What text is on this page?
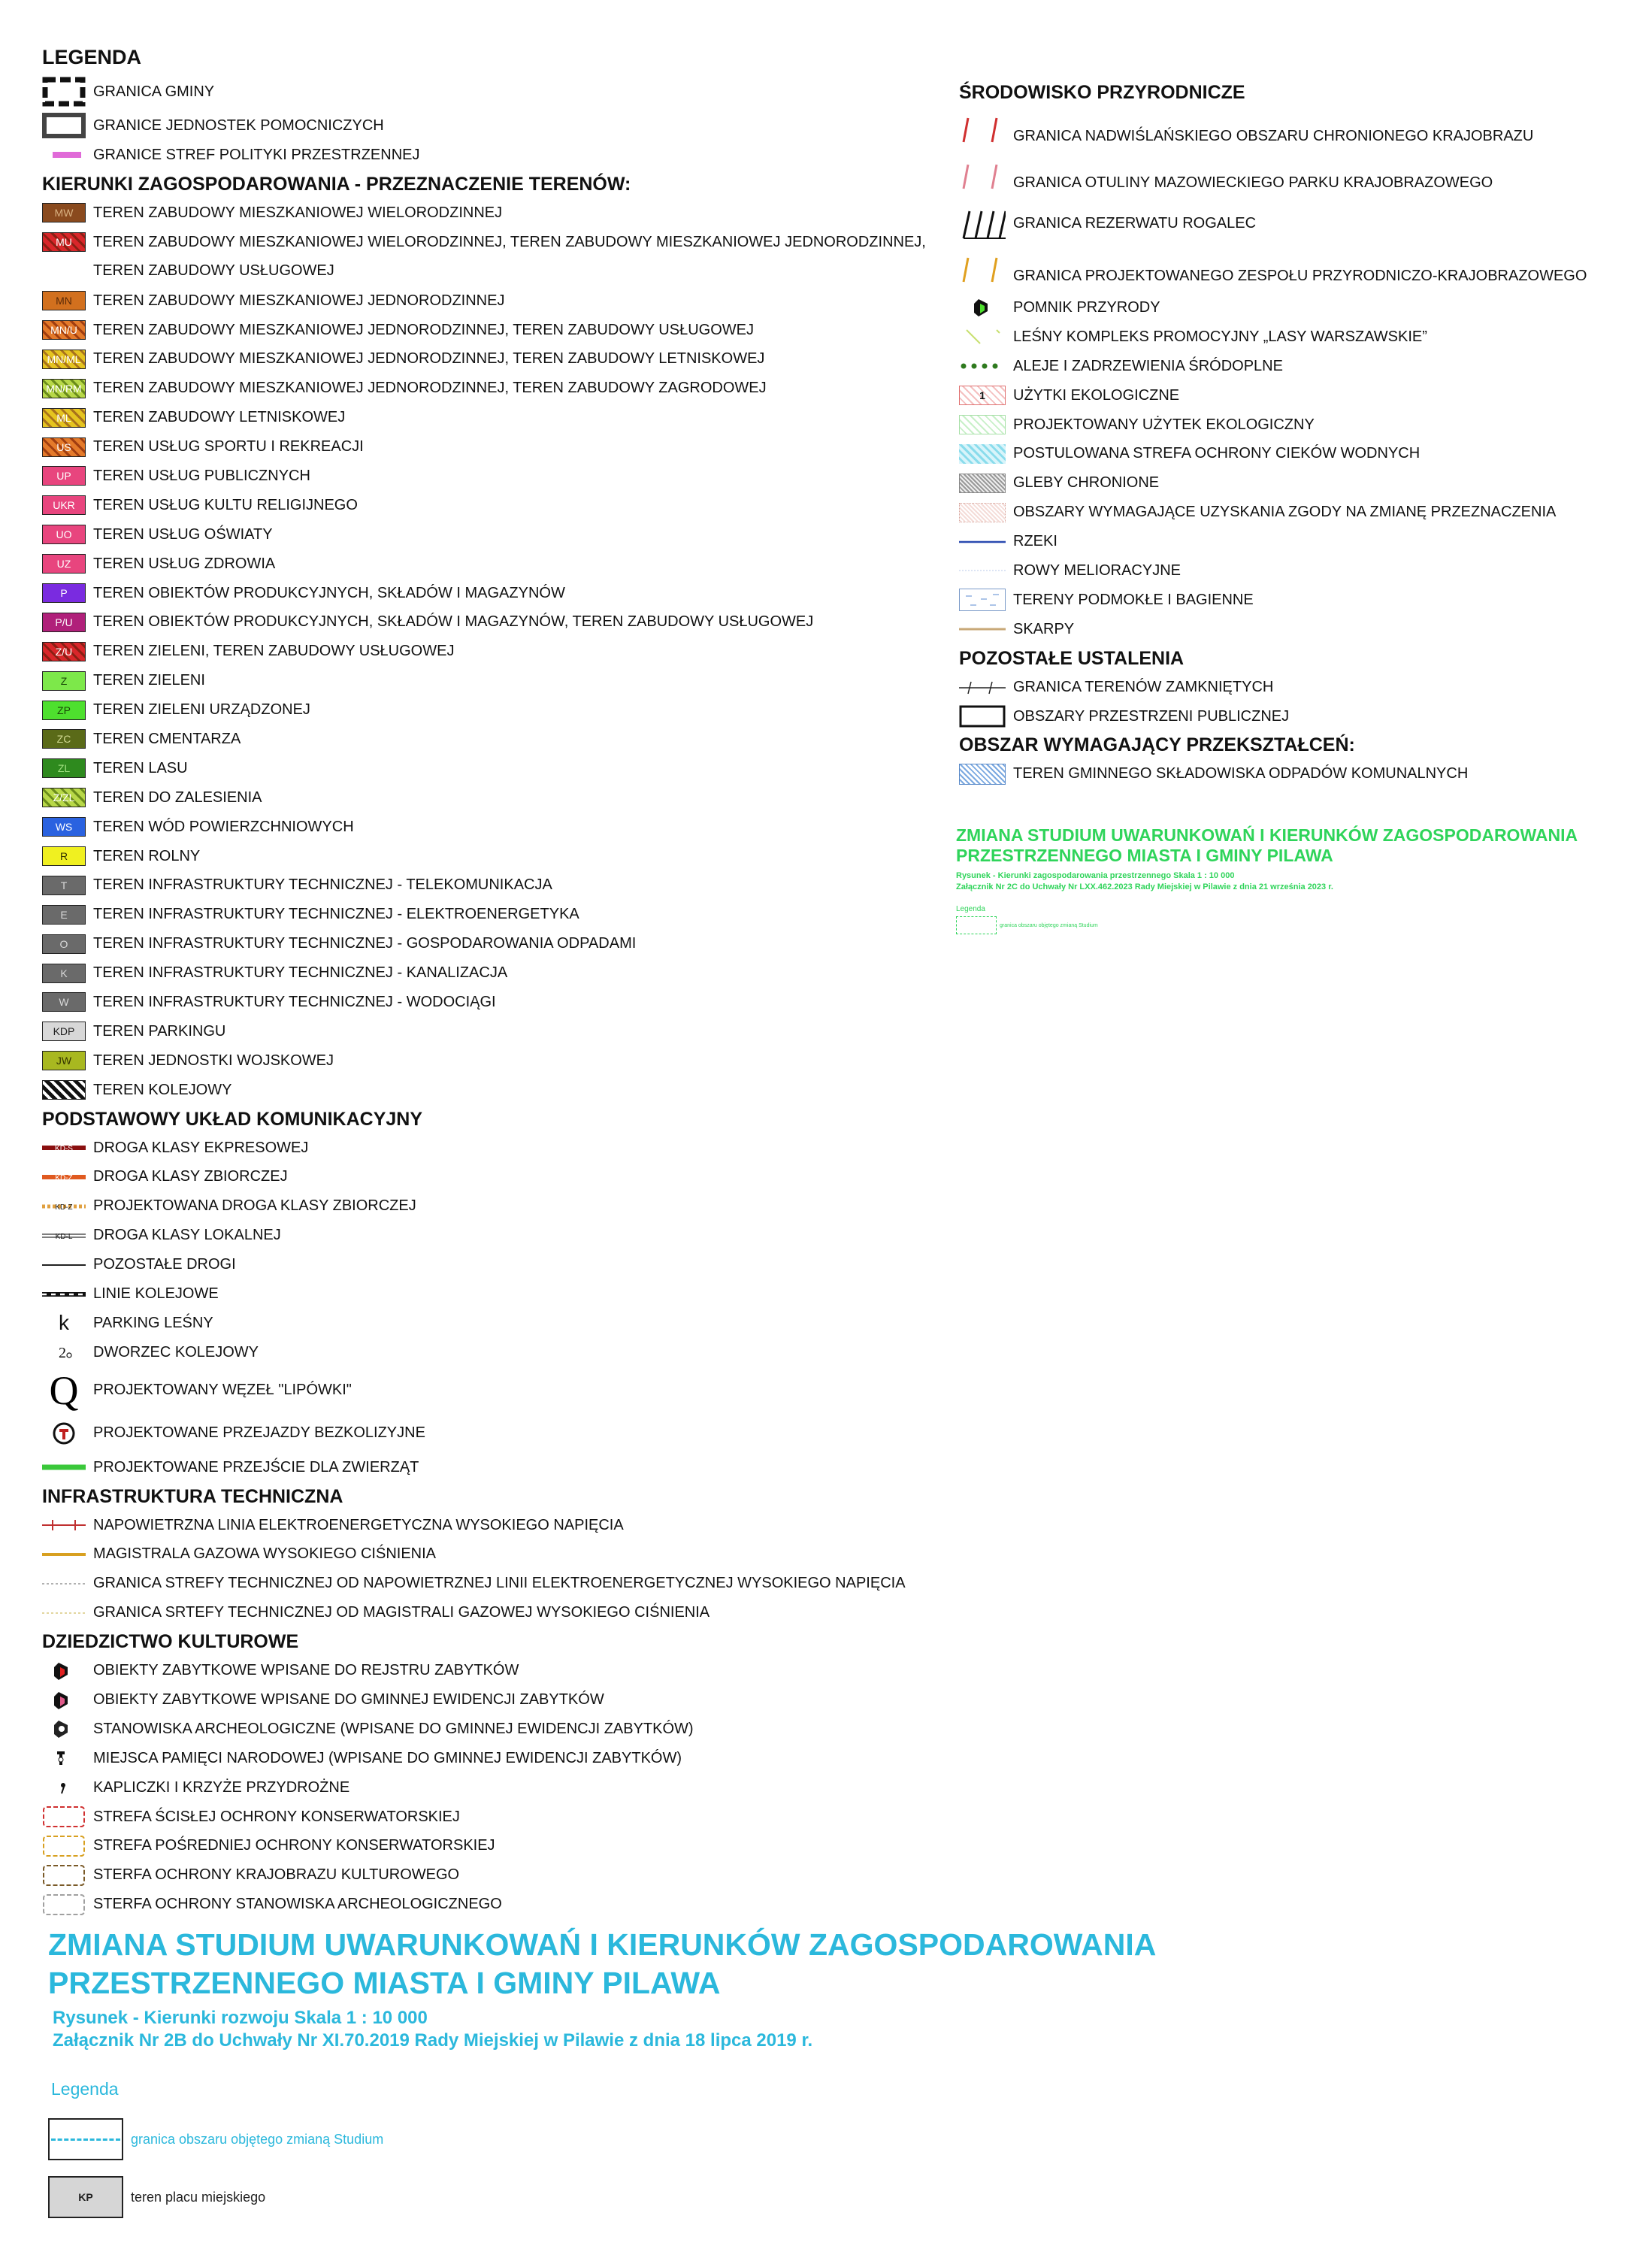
LEGENDA
GRANICA GMINY
GRANICE JEDNOSTEK POMOCNICZYCH
GRANICE STREF POLITYKI PRZESTRZENNEJ
KIERUNKI ZAGOSPODAROWANIA - PRZEZNACZENIE TERENÓW:
MW TEREN ZABUDOWY MIESZKANIOWEJ WIELORODZINNEJ
MU TEREN ZABUDOWY MIESZKANIOWEJ WIELORODZINNEJ, TEREN ZABUDOWY MIESZKANIOWEJ JEDNORODZINNEJ, TEREN ZABUDOWY USŁUGOWEJ
MN TEREN ZABUDOWY MIESZKANIOWEJ JEDNORODZINNEJ
MN/U TEREN ZABUDOWY MIESZKANIOWEJ JEDNORODZINNEJ, TEREN ZABUDOWY USŁUGOWEJ
MN/ML TEREN ZABUDOWY MIESZKANIOWEJ JEDNORODZINNEJ, TEREN ZABUDOWY LETNISKOWEJ
MN/RM TEREN ZABUDOWY MIESZKANIOWEJ JEDNORODZINNEJ, TEREN ZABUDOWY ZAGRODOWEJ
ML TEREN ZABUDOWY LETNISKOWEJ
US TEREN USŁUG SPORTU I REKREACJI
UP TEREN USŁUG PUBLICZNYCH
UKR TEREN USŁUG KULTU RELIGIJNEGO
UO TEREN USŁUG OŚWIATY
UZ TEREN USŁUG ZDROWIA
P TEREN OBIEKTÓW PRODUKCYJNYCH, SKŁADÓW I MAGAZYNÓW
P/U TEREN OBIEKTÓW PRODUKCYJNYCH, SKŁADÓW I MAGAZYNÓW, TEREN ZABUDOWY USŁUGOWEJ
Z/U TEREN ZIELENI, TEREN ZABUDOWY USŁUGOWEJ
Z TEREN ZIELENI
ZP TEREN ZIELENI URZĄDZONEJ
ZC TEREN CMENTARZA
ZL TEREN LASU
Z/ZL TEREN DO ZALESIENIA
WS TEREN WÓD POWIERZCHNIOWYCH
R TEREN ROLNY
T TEREN INFRASTRUKTURY TECHNICZNEJ - TELEKOMUNIKACJA
E TEREN INFRASTRUKTURY TECHNICZNEJ - ELEKTROENERGETYKA
O TEREN INFRASTRUKTURY TECHNICZNEJ - GOSPODAROWANIA ODPADAMI
K TEREN INFRASTRUKTURY TECHNICZNEJ - KANALIZACJA
W TEREN INFRASTRUKTURY TECHNICZNEJ - WODOCIĄGI
KDP TEREN PARKINGU
JW TEREN JEDNOSTKI WOJSKOWEJ
TEREN KOLEJOWY
PODSTAWOWY UKŁAD KOMUNIKACYJNY
KD-S DROGA KLASY EKPRESOWEJ
KD-Z DROGA KLASY ZBIORCZEJ
KD-Z PROJEKTOWANA DROGA KLASY ZBIORCZEJ
KD-L DROGA KLASY LOKALNEJ
POZOSTAŁE DROGI
LINIE KOLEJOWE
k PARKING LEŚNY
2 DWORZEC KOLEJOWY
Q PROJEKTOWANY WĘZEŁ "LIPÓWKI"
PROJEKTOWANE PRZEJAZDY BEZKOLIZYJNE
PROJEKTOWANE PRZEJŚCIE DLA ZWIERZĄT
INFRASTRUKTURA TECHNICZNA
NAPOWIETRZNA LINIA ELEKTROENERGETYCZNA WYSOKIEGO NAPIĘCIA
MAGISTRALA GAZOWA WYSOKIEGO CIŚNIENIA
GRANICA STREFY TECHNICZNEJ OD NAPOWIETRZNEJ LINII ELEKTROENERGETYCZNEJ WYSOKIEGO NAPIĘCIA
GRANICA SRTEFY TECHNICZNEJ OD MAGISTRALI GAZOWEJ WYSOKIEGO CIŚNIENIA
DZIEDZICTWO KULTUROWE
OBIEKTY ZABYTKOWE WPISANE DO REJSTRU ZABYTKÓW
OBIEKTY ZABYTKOWE WPISANE DO GMINNEJ EWIDENCJI ZABYTKÓW
STANOWISKA ARCHEOLOGICZNE (WPISANE DO GMINNEJ EWIDENCJI ZABYTKÓW)
MIEJSCA PAMIĘCI NARODOWEJ (WPISANE DO GMINNEJ EWIDENCJI ZABYTKÓW)
KAPLICZKI I KRZYŻE PRZYDROŻNE
STREFA ŚCISŁEJ OCHRONY KONSERWATORSKIEJ
STREFA POŚREDNIEJ OCHRONY KONSERWATORSKIEJ
STERFA OCHRONY KRAJOBRAZU KULTUROWEGO
STERFA OCHRONY STANOWISKA ARCHEOLOGICZNEGO
ŚRODOWISKO PRZYRODNICZE
GRANICA NADWIŚLAŃSKIEGO OBSZARU CHRONIONEGO KRAJOBRAZU
GRANICA OTULINY MAZOWIECKIEGO PARKU KRAJOBRAZOWEGO
GRANICA REZERWATU ROGALEC
GRANICA PROJEKTOWANEGO ZESPOŁU PRZYRODNICZO-KRAJOBRAZOWEGO
POMNIK PRZYRODY
LEŚNY KOMPLEKS PROMOCYJNY „LASY WARSZAWSKIE”
ALEJE I ZADRZEWIENIA ŚRÓDOPLNE
1 UŻYTKI EKOLOGICZNE
PROJEKTOWANY UŻYTEK EKOLOGICZNY
POSTULOWANA STREFA OCHRONY CIEKÓW WODNYCH
GLEBY CHRONIONE
OBSZARY WYMAGAJĄCE UZYSKANIA ZGODY NA ZMIANĘ PRZEZNACZENIA
RZEKI
ROWY MELIORACYJNE
TERENY PODMOKŁE I BAGIENNE
SKARPY
POZOSTAŁE USTALENIA
GRANICA TERENÓW ZAMKNIĘTYCH
OBSZARY PRZESTRZENI PUBLICZNEJ
OBSZAR WYMAGAJĄCY PRZEKSZTAŁCEŃ:
TEREN GMINNEGO SKŁADOWISKA ODPADÓW KOMUNALNYCH
ZMIANA STUDIUM UWARUNKOWAŃ I KIERUNKÓW ZAGOSPODAROWANIA PRZESTRZENNEGO MIASTA I GMINY PILAWA
Rysunek - Kierunki zagospodarowania przestrzennego Skala 1 : 10 000
Załącznik Nr 2C do Uchwały Nr LXX.462.2023 Rady Miejskiej w Pilawie z dnia 21 września 2023 r.
Legenda
granica obszaru objętego zmianą Studium
ZMIANA STUDIUM UWARUNKOWAŃ I KIERUNKÓW ZAGOSPODAROWANIA PRZESTRZENNEGO MIASTA I GMINY PILAWA
Rysunek - Kierunki rozwoju Skala 1 : 10 000
Załącznik Nr 2B do Uchwały Nr XI.70.2019 Rady Miejskiej w Pilawie z dnia 18 lipca 2019 r.
Legenda
granica obszaru objętego zmianą Studium
KP	teren placu miejskiego
